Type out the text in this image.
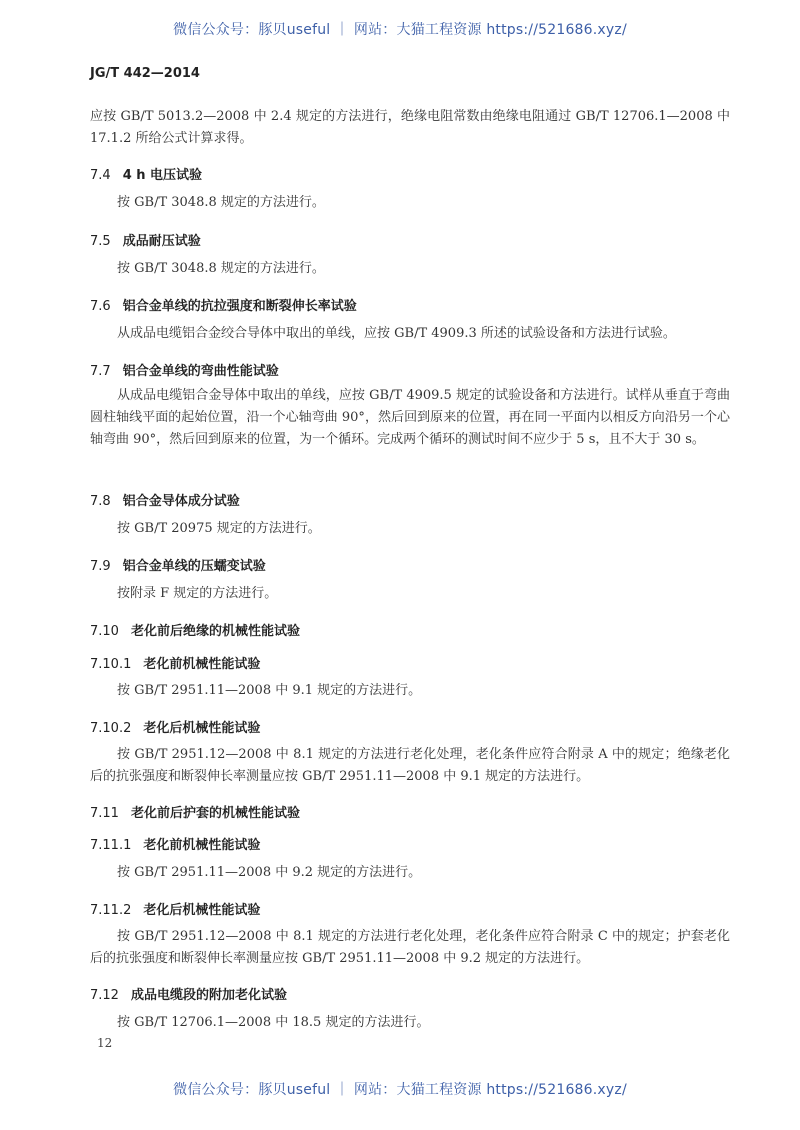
微信公众号：豚贝useful ｜ 网站：大猫工程资源 https://521686.xyz/
JG/T 442—2014
应按 GB/T 5013.2—2008 中 2.4 规定的方法进行，绝缘电阻常数由绝缘电阻通过 GB/T 12706.1—2008 中 17.1.2 所给公式计算求得。
7.4 4 h 电压试验
按 GB/T 3048.8 规定的方法进行。
7.5 成品耐压试验
按 GB/T 3048.8 规定的方法进行。
7.6 铝合金单线的抗拉强度和断裂伸长率试验
从成品电缆铝合金绞合导体中取出的单线，应按 GB/T 4909.3 所述的试验设备和方法进行试验。
7.7 铝合金单线的弯曲性能试验
从成品电缆铝合金导体中取出的单线，应按 GB/T 4909.5 规定的试验设备和方法进行。试样从垂直于弯曲圆柱轴线平面的起始位置，沿一个心轴弯曲 90°，然后回到原来的位置，再在同一平面内以相反方向沿另一个心轴弯曲 90°，然后回到原来的位置，为一个循环。完成两个循环的测试时间不应少于 5 s，且不大于 30 s。
7.8 铝合金导体成分试验
按 GB/T 20975 规定的方法进行。
7.9 铝合金单线的压蠕变试验
按附录 F 规定的方法进行。
7.10 老化前后绝缘的机械性能试验
7.10.1 老化前机械性能试验
按 GB/T 2951.11—2008 中 9.1 规定的方法进行。
7.10.2 老化后机械性能试验
按 GB/T 2951.12—2008 中 8.1 规定的方法进行老化处理，老化条件应符合附录 A 中的规定；绝缘老化后的抗张强度和断裂伸长率测量应按 GB/T 2951.11—2008 中 9.1 规定的方法进行。
7.11 老化前后护套的机械性能试验
7.11.1 老化前机械性能试验
按 GB/T 2951.11—2008 中 9.2 规定的方法进行。
7.11.2 老化后机械性能试验
按 GB/T 2951.12—2008 中 8.1 规定的方法进行老化处理，老化条件应符合附录 C 中的规定；护套老化后的抗张强度和断裂伸长率测量应按 GB/T 2951.11—2008 中 9.2 规定的方法进行。
7.12 成品电缆段的附加老化试验
按 GB/T 12706.1—2008 中 18.5 规定的方法进行。
12
微信公众号：豚贝useful ｜ 网站：大猫工程资源 https://521686.xyz/
